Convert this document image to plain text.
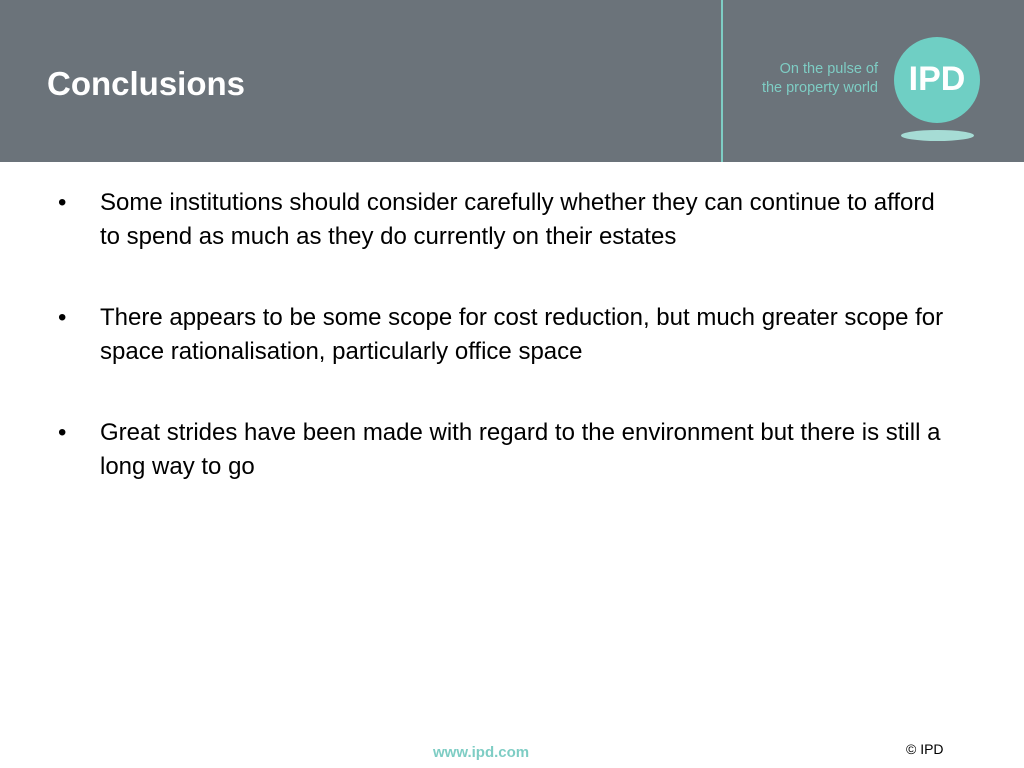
Conclusions	On the pulse of
the property world IPD
•	Some institutions should consider carefully whether they can continue to afford to spend as much as they do currently on their estates
•	There appears to be some scope for cost reduction, but much greater scope for space rationalisation, particularly office space
•	Great strides have been made with regard to the environment but there is still a long way to go
www.ipd.com	© IPD
